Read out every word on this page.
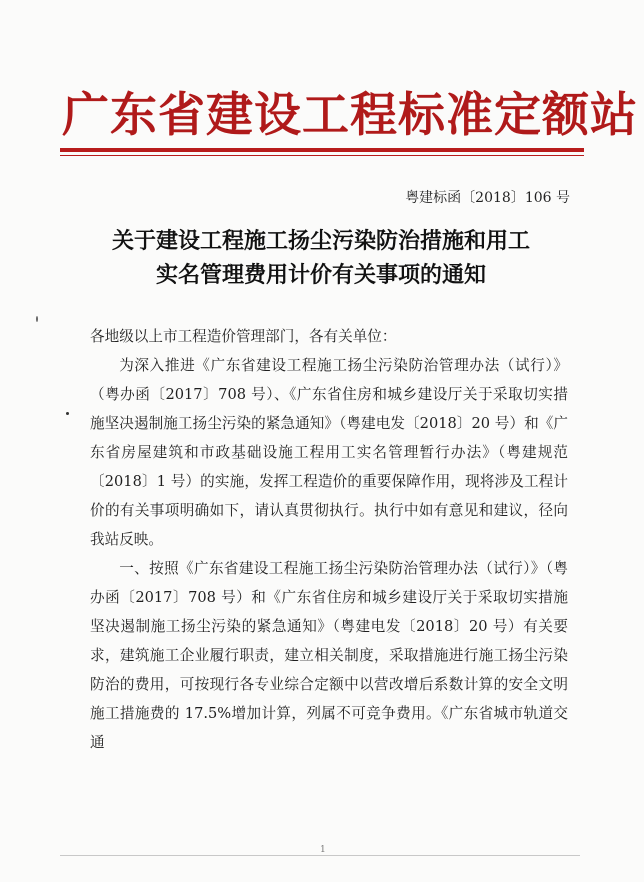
广东省建设工程标准定额站
粤建标函〔2018〕106 号
关于建设工程施工扬尘污染防治措施和用工
实名管理费用计价有关事项的通知

各地级以上市工程造价管理部门，各有关单位：

为深入推进《广东省建设工程施工扬尘污染防治管理办法（试行）》（粤办函〔2017〕708 号）、《广东省住房和城乡建设厅关于采取切实措施坚决遏制施工扬尘污染的紧急通知》（粤建电发〔2018〕20 号）和《广东省房屋建筑和市政基础设施工程用工实名管理暂行办法》（粤建规范〔2018〕1 号）的实施，发挥工程造价的重要保障作用，现将涉及工程计价的有关事项明确如下，请认真贯彻执行。执行中如有意见和建议，径向我站反映。

一、按照《广东省建设工程施工扬尘污染防治管理办法（试行）》（粤办函〔2017〕708 号）和《广东省住房和城乡建设厅关于采取切实措施坚决遏制施工扬尘污染的紧急通知》（粤建电发〔2018〕20 号）有关要求，建筑施工企业履行职责，建立相关制度，采取措施进行施工扬尘污染防治的费用，可按现行各专业综合定额中以营改增后系数计算的安全文明施工措施费的 17.5%增加计算，列属不可竞争费用。《广东省城市轨道交通

1
